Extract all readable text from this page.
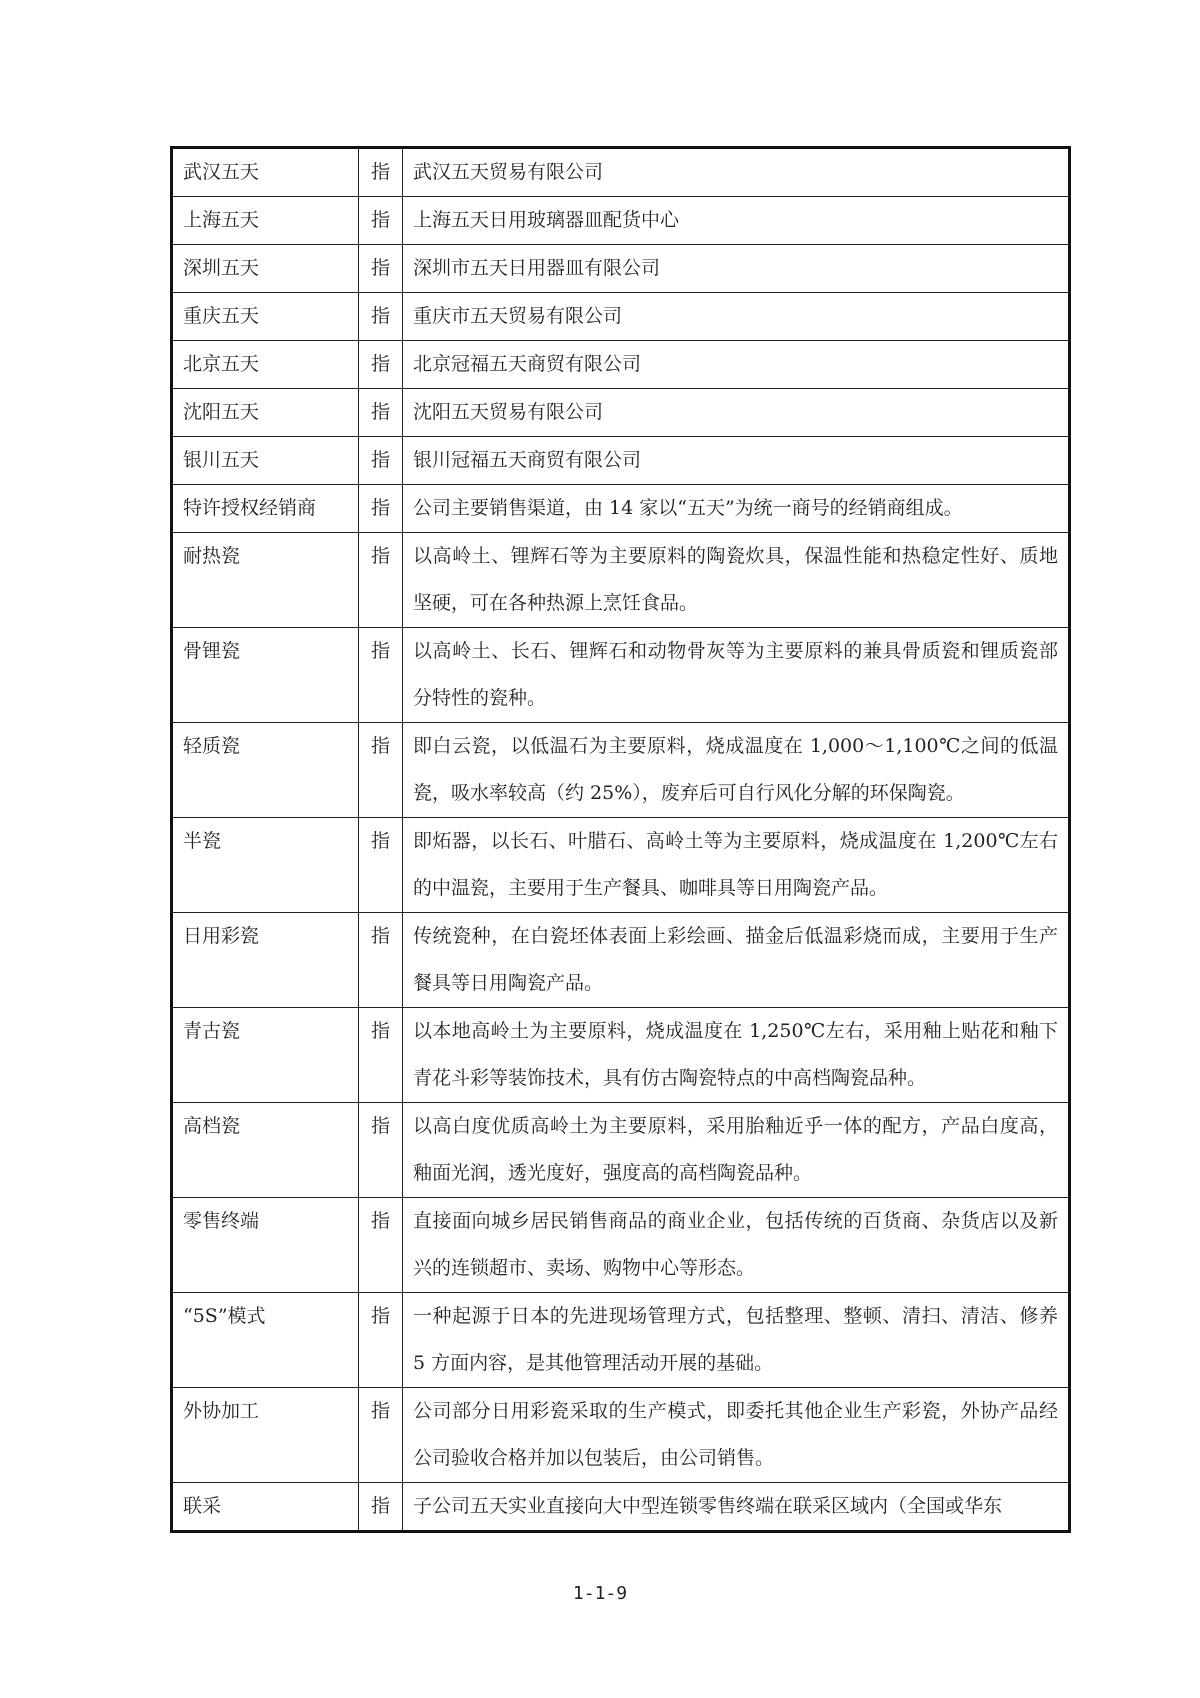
武汉五天	指	武汉五天贸易有限公司
上海五天	指	上海五天日用玻璃器皿配货中心
深圳五天	指	深圳市五天日用器皿有限公司
重庆五天	指	重庆市五天贸易有限公司
北京五天	指	北京冠福五天商贸有限公司
沈阳五天	指	沈阳五天贸易有限公司
银川五天	指	银川冠福五天商贸有限公司
特许授权经销商	指	公司主要销售渠道，由 14 家以“五天”为统一商号的经销商组成。
耐热瓷	指	以高岭土、锂辉石等为主要原料的陶瓷炊具，保温性能和热稳定性好、质地坚硬，可在各种热源上烹饪食品。
骨锂瓷	指	以高岭土、长石、锂辉石和动物骨灰等为主要原料的兼具骨质瓷和锂质瓷部分特性的瓷种。
轻质瓷	指	即白云瓷，以低温石为主要原料，烧成温度在 1,000～1,100℃之间的低温瓷，吸水率较高（约 25%），废弃后可自行风化分解的环保陶瓷。
半瓷	指	即炻器，以长石、叶腊石、高岭土等为主要原料，烧成温度在 1,200℃左右的中温瓷，主要用于生产餐具、咖啡具等日用陶瓷产品。
日用彩瓷	指	传统瓷种，在白瓷坯体表面上彩绘画、描金后低温彩烧而成，主要用于生产餐具等日用陶瓷产品。
青古瓷	指	以本地高岭土为主要原料，烧成温度在 1,250℃左右，采用釉上贴花和釉下青花斗彩等装饰技术，具有仿古陶瓷特点的中高档陶瓷品种。
高档瓷	指	以高白度优质高岭土为主要原料，采用胎釉近乎一体的配方，产品白度高，釉面光润，透光度好，强度高的高档陶瓷品种。
零售终端	指	直接面向城乡居民销售商品的商业企业，包括传统的百货商、杂货店以及新兴的连锁超市、卖场、购物中心等形态。
“5S”模式	指	一种起源于日本的先进现场管理方式，包括整理、整顿、清扫、清洁、修养 5 方面内容，是其他管理活动开展的基础。
外协加工	指	公司部分日用彩瓷采取的生产模式，即委托其他企业生产彩瓷，外协产品经公司验收合格并加以包装后，由公司销售。
联采	指	子公司五天实业直接向大中型连锁零售终端在联采区域内（全国或华东
1-1-9
